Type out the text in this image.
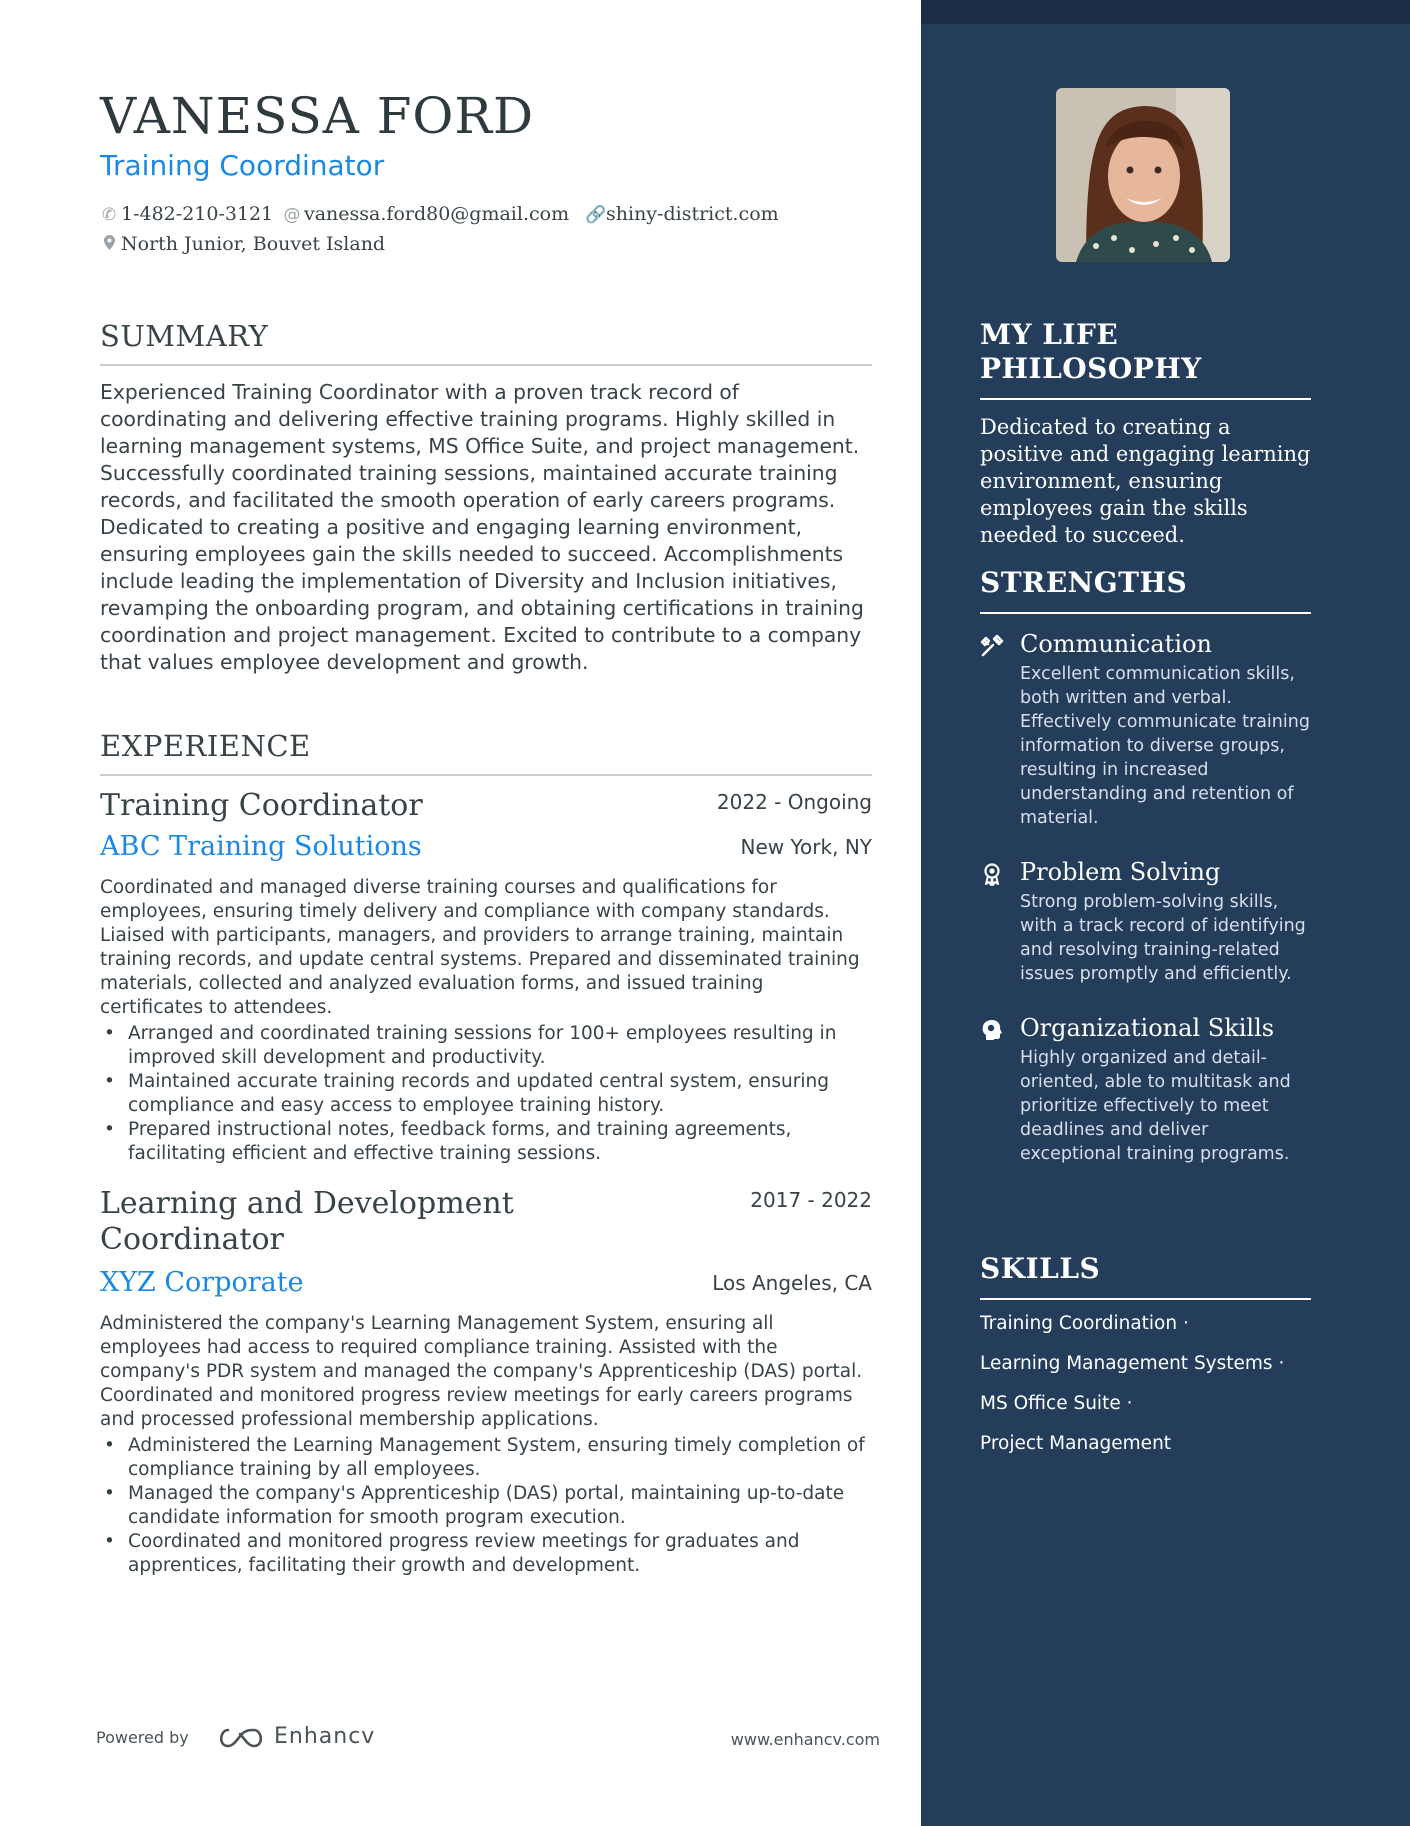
VANESSA FORD
Training Coordinator
✆ 1-482-210-3121 @ vanessa.ford80@gmail.com 🔗shiny-district.com
North Junior, Bouvet Island
SUMMARY
Experienced Training Coordinator with a proven track record of coordinating and delivering effective training programs. Highly skilled in learning management systems, MS Office Suite, and project management. Successfully coordinated training sessions, maintained accurate training records, and facilitated the smooth operation of early careers programs. Dedicated to creating a positive and engaging learning environment, ensuring employees gain the skills needed to succeed. Accomplishments include leading the implementation of Diversity and Inclusion initiatives, revamping the onboarding program, and obtaining certifications in training coordination and project management. Excited to contribute to a company that values employee development and growth.
EXPERIENCE
Training Coordinator	2022 - Ongoing
ABC Training Solutions	New York, NY
Coordinated and managed diverse training courses and qualifications for employees, ensuring timely delivery and compliance with company standards. Liaised with participants, managers, and providers to arrange training, maintain training records, and update central systems. Prepared and disseminated training materials, collected and analyzed evaluation forms, and issued training certificates to attendees.
• Arranged and coordinated training sessions for 100+ employees resulting in improved skill development and productivity.
• Maintained accurate training records and updated central system, ensuring compliance and easy access to employee training history.
• Prepared instructional notes, feedback forms, and training agreements, facilitating efficient and effective training sessions.
Learning and Development Coordinator
2017 - 2022
XYZ Corporate	Los Angeles, CA
Administered the company's Learning Management System, ensuring all employees had access to required compliance training. Assisted with the company's PDR system and managed the company's Apprenticeship (DAS) portal. Coordinated and monitored progress review meetings for early careers programs and processed professional membership applications.
• Administered the Learning Management System, ensuring timely completion of compliance training by all employees.
• Managed the company's Apprenticeship (DAS) portal, maintaining up-to-date candidate information for smooth program execution.
• Coordinated and monitored progress review meetings for graduates and apprentices, facilitating their growth and development.
Powered by	Enhancv	www.enhancv.com
MY LIFE PHILOSOPHY
Dedicated to creating a positive and engaging learning environment, ensuring employees gain the skills needed to succeed.
STRENGTHS
Communication
Excellent communication skills, both written and verbal. Effectively communicate training information to diverse groups, resulting in increased understanding and retention of material.
Problem Solving
Strong problem-solving skills, with a track record of identifying and resolving training-related issues promptly and efficiently.
Organizational Skills
Highly organized and detail-oriented, able to multitask and prioritize effectively to meet deadlines and deliver exceptional training programs.
SKILLS
Training Coordination ·
Learning Management Systems ·
MS Office Suite ·
Project Management
